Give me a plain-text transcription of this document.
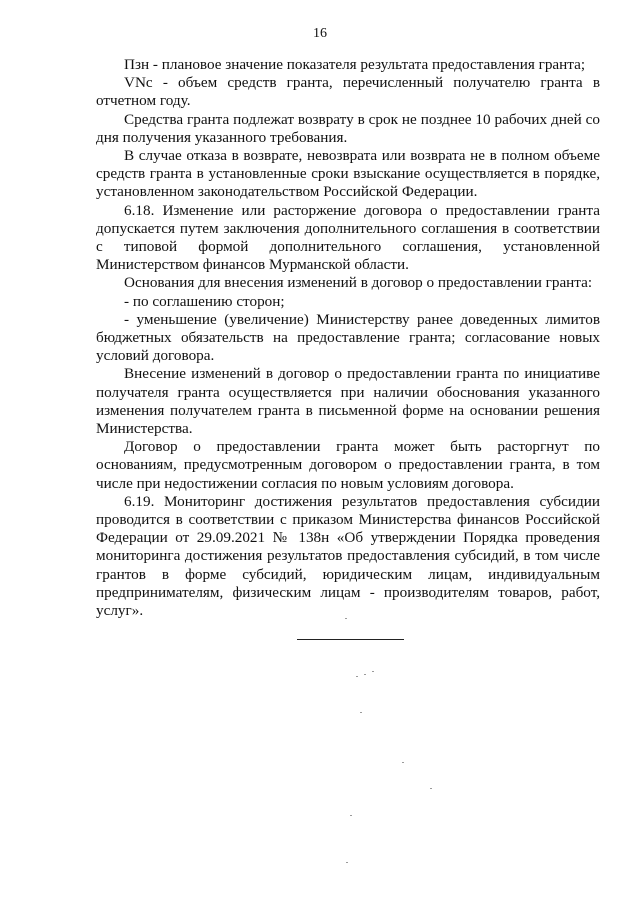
16

Пзн - плановое значение показателя результата предоставления гранта;

VNc - объем средств гранта, перечисленный получателю гранта в отчетном году.

Средства гранта подлежат возврату в срок не позднее 10 рабочих дней со дня получения указанного требования.

В случае отказа в возврате, невозврата или возврата не в полном объеме средств гранта в установленные сроки взыскание осуществляется в порядке, установленном законодательством Российской Федерации.

6.18. Изменение или расторжение договора о предоставлении гранта допускается путем заключения дополнительного соглашения в соответствии с типовой формой дополнительного соглашения, установленной Министерством финансов Мурманской области.

Основания для внесения изменений в договор о предоставлении гранта:

- по соглашению сторон;

- уменьшение (увеличение) Министерству ранее доведенных лимитов бюджетных обязательств на предоставление гранта; согласование новых условий договора.

Внесение изменений в договор о предоставлении гранта по инициативе получателя гранта осуществляется при наличии обоснования указанного изменения получателем гранта в письменной форме на основании решения Министерства.

Договор о предоставлении гранта может быть расторгнут по основаниям, предусмотренным договором о предоставлении гранта, в том числе при недостижении согласия по новым условиям договора.

6.19. Мониторинг достижения результатов предоставления субсидии проводится в соответствии с приказом Министерства финансов Российской Федерации от 29.09.2021 № 138н «Об утверждении Порядка проведения мониторинга достижения результатов предоставления субсидий, в том числе грантов в форме субсидий, юридическим лицам, индивидуальным предпринимателям, физическим лицам - производителям товаров, работ, услуг».
